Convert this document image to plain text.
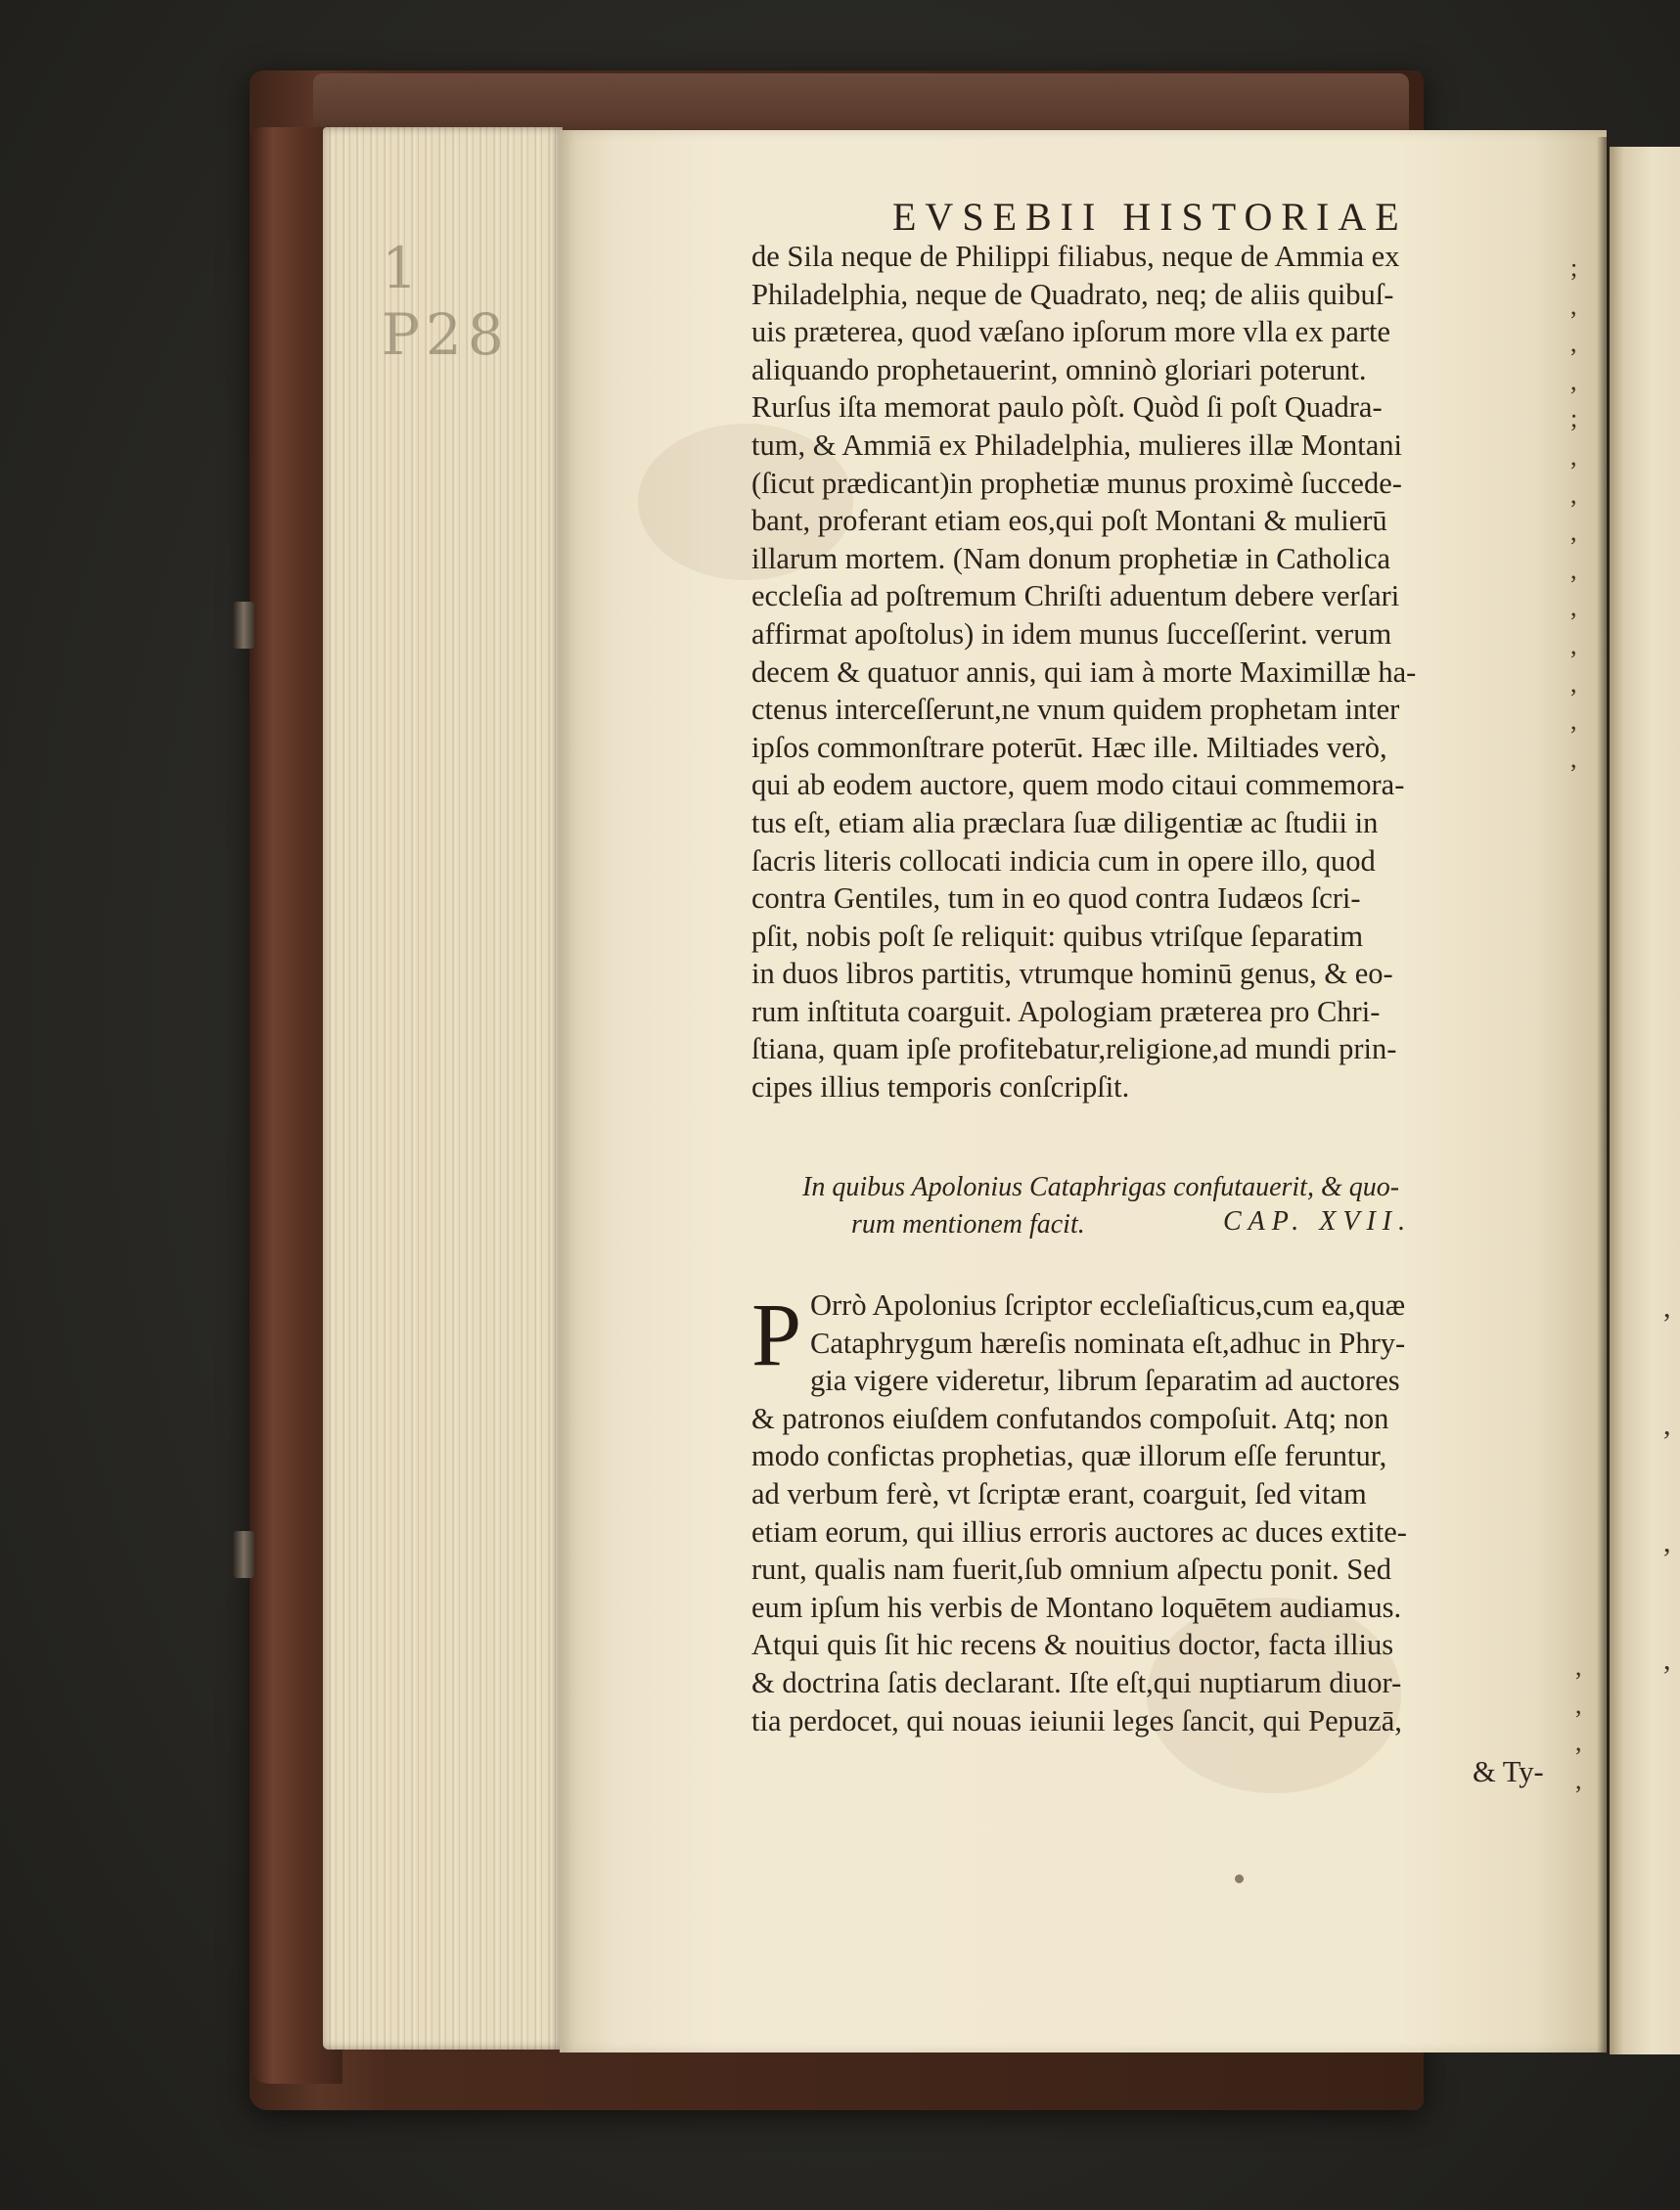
1 P28
,
,
,
,
EVSEBII HISTORIAE
de Sila neque de Philippi filiabus, neque de Ammia ex
Philadelphia, neque de Quadrato, neq; de aliis quibuſ-
uis præterea, quod væſano ipſorum more vlla ex parte
aliquando prophetauerint, omninò gloriari poterunt.
Rurſus iſta memorat paulo pòſt. Quòd ſi poſt Quadra-
tum, & Ammiā ex Philadelphia, mulieres illæ Montani
(ſicut prædicant)in prophetiæ munus proximè ſuccede-
bant, proferant etiam eos,qui poſt Montani & mulierū
illarum mortem. (Nam donum prophetiæ in Catholica
eccleſia ad poſtremum Chriſti aduentum debere verſari
affirmat apoſtolus) in idem munus ſucceſſerint. verum
decem & quatuor annis, qui iam à morte Maximillæ ha-
ctenus interceſſerunt,ne vnum quidem prophetam inter
ipſos commonſtrare poterūt. Hæc ille. Miltiades verò,
qui ab eodem auctore, quem modo citaui commemora-
tus eſt, etiam alia præclara ſuæ diligentiæ ac ſtudii in
ſacris literis collocati indicia cum in opere illo, quod
contra Gentiles, tum in eo quod contra Iudæos ſcri-
pſit, nobis poſt ſe reliquit: quibus vtriſque ſeparatim
in duos libros partitis, vtrumque hominū genus, & eo-
rum inſtituta coarguit. Apologiam præterea pro Chri-
ſtiana, quam ipſe profitebatur,religione,ad mundi prin-
cipes illius temporis conſcripſit.
;
,
,
,
;
,
,
,
,
,
,
,
,
,
In quibus Apolonius Cataphrigas confutauerit, & quo-
rum mentionem facit.	CAP. XVII.
P Orrò Apolonius ſcriptor eccleſiaſticus,cum ea,quæ
Cataphrygum hæreſis nominata eſt,adhuc in Phry-
gia vigere videretur, librum ſeparatim ad auctores
& patronos eiuſdem confutandos compoſuit. Atq; non
modo confictas prophetias, quæ illorum eſſe feruntur,
ad verbum ferè, vt ſcriptæ erant, coarguit, ſed vitam
etiam eorum, qui illius erroris auctores ac duces extite-
runt, qualis nam fuerit,ſub omnium aſpectu ponit. Sed
eum ipſum his verbis de Montano loquētem audiamus.
Atqui quis ſit hic recens & nouitius doctor, facta illius
& doctrina ſatis declarant. Iſte eſt,qui nuptiarum diuor-
tia perdocet, qui nouas ieiunii leges ſancit, qui Pepuzā,
,
,
,
,
& Ty-
